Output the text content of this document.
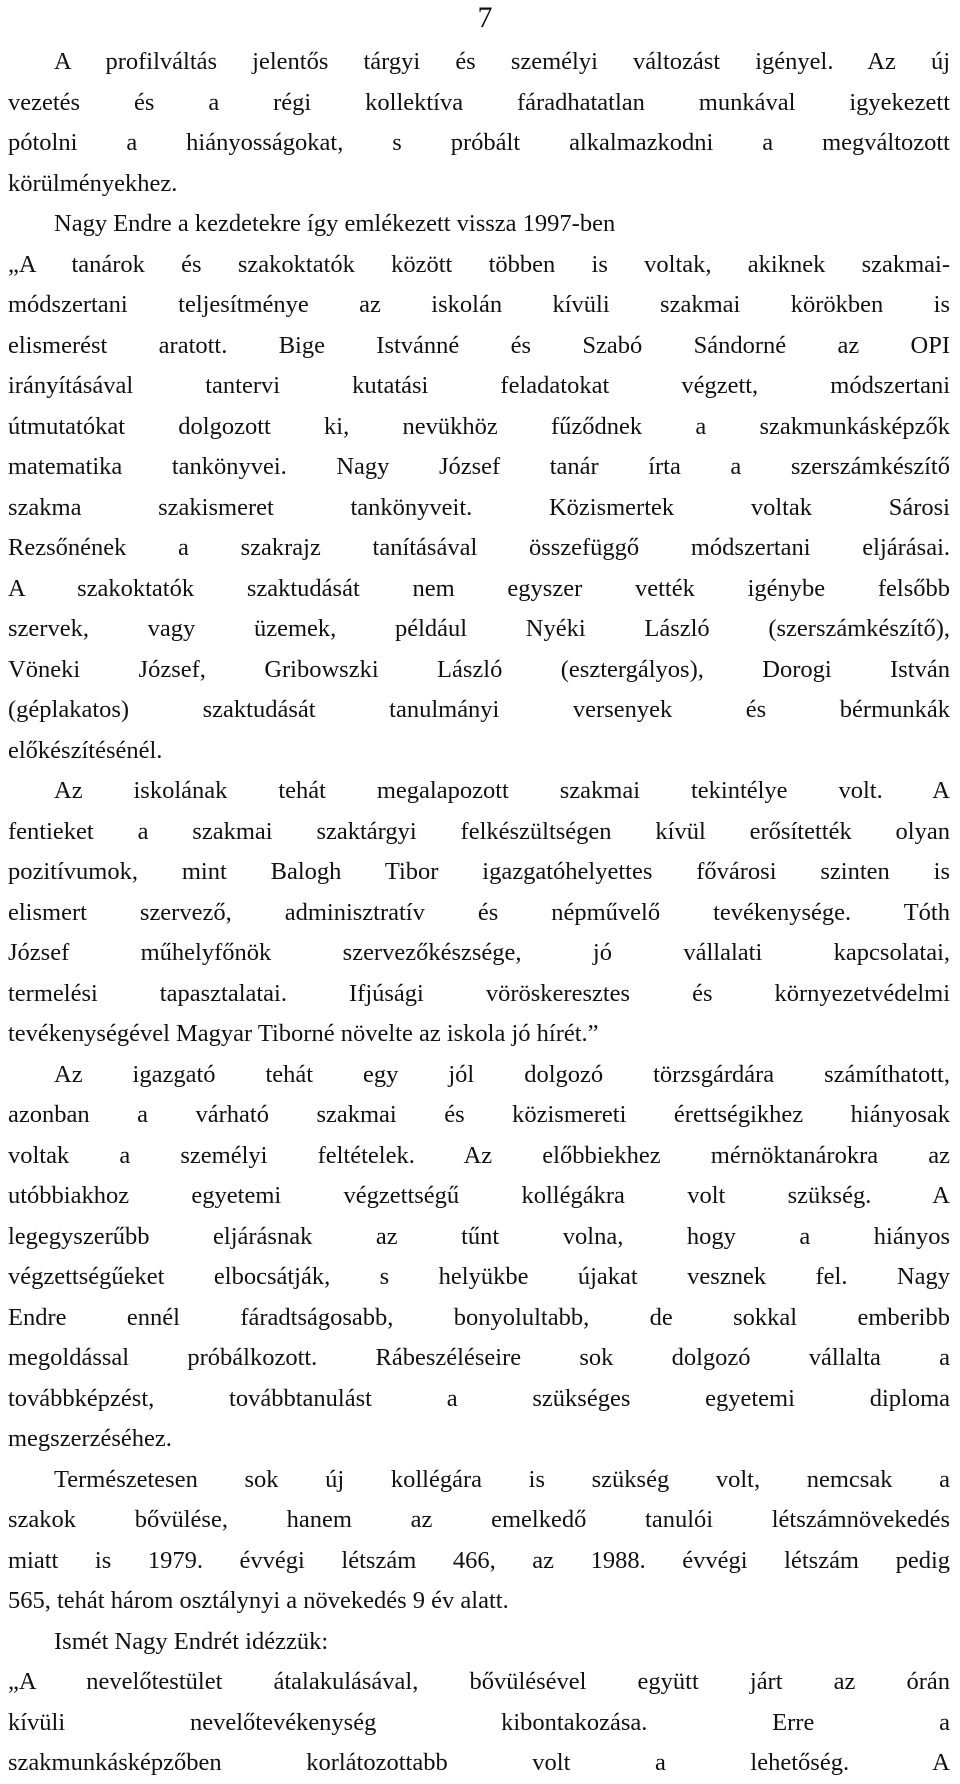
7
A profilváltás jelentős tárgyi és személyi változást igényel. Az új
vezetés és a régi kollektíva fáradhatatlan munkával igyekezett
pótolni a hiányosságokat, s próbált alkalmazkodni a megváltozott
körülményekhez.
Nagy Endre a kezdetekre így emlékezett vissza 1997-ben
„A tanárok és szakoktatók között többen is voltak, akiknek szakmai-
módszertani teljesítménye az iskolán kívüli szakmai körökben is
elismerést aratott. Bige Istvánné és Szabó Sándorné az OPI
irányításával tantervi kutatási feladatokat végzett, módszertani
útmutatókat dolgozott ki, nevükhöz fűződnek a szakmunkásképzők
matematika tankönyvei. Nagy József tanár írta a szerszámkészítő
szakma szakismeret tankönyveit. Közismertek voltak Sárosi
Rezsőnének a szakrajz tanításával összefüggő módszertani eljárásai.
A szakoktatók szaktudását nem egyszer vették igénybe felsőbb
szervek, vagy üzemek, például Nyéki László (szerszámkészítő),
Vöneki József, Gribowszki László (esztergályos), Dorogi István
(géplakatos) szaktudását tanulmányi versenyek és bérmunkák
előkészítésénél.
Az iskolának tehát megalapozott szakmai tekintélye volt. A
fentieket a szakmai szaktárgyi felkészültségen kívül erősítették olyan
pozitívumok, mint Balogh Tibor igazgatóhelyettes fővárosi szinten is
elismert szervező, adminisztratív és népművelő tevékenysége. Tóth
József műhelyfőnök szervezőkészsége, jó vállalati kapcsolatai,
termelési tapasztalatai. Ifjúsági vöröskeresztes és környezetvédelmi
tevékenységével Magyar Tiborné növelte az iskola jó hírét.”
Az igazgató tehát egy jól dolgozó törzsgárdára számíthatott,
azonban a várható szakmai és közismereti érettségikhez hiányosak
voltak a személyi feltételek. Az előbbiekhez mérnöktanárokra az
utóbbiakhoz egyetemi végzettségű kollégákra volt szükség. A
legegyszerűbb eljárásnak az tűnt volna, hogy a hiányos
végzettségűeket elbocsátják, s helyükbe újakat vesznek fel. Nagy
Endre ennél fáradtságosabb, bonyolultabb, de sokkal emberibb
megoldással próbálkozott. Rábeszéléseire sok dolgozó vállalta a
továbbképzést, továbbtanulást a szükséges egyetemi diploma
megszerzéséhez.
Természetesen sok új kollégára is szükség volt, nemcsak a
szakok bővülése, hanem az emelkedő tanulói létszámnövekedés
miatt is 1979. évvégi létszám 466, az 1988. évvégi létszám pedig
565, tehát három osztálynyi a növekedés 9 év alatt.
Ismét Nagy Endrét idézzük:
„A nevelőtestület átalakulásával, bővülésével együtt járt az órán
kívüli nevelőtevékenység kibontakozása. Erre a
szakmunkásképzőben korlátozottabb volt a lehetőség. A
